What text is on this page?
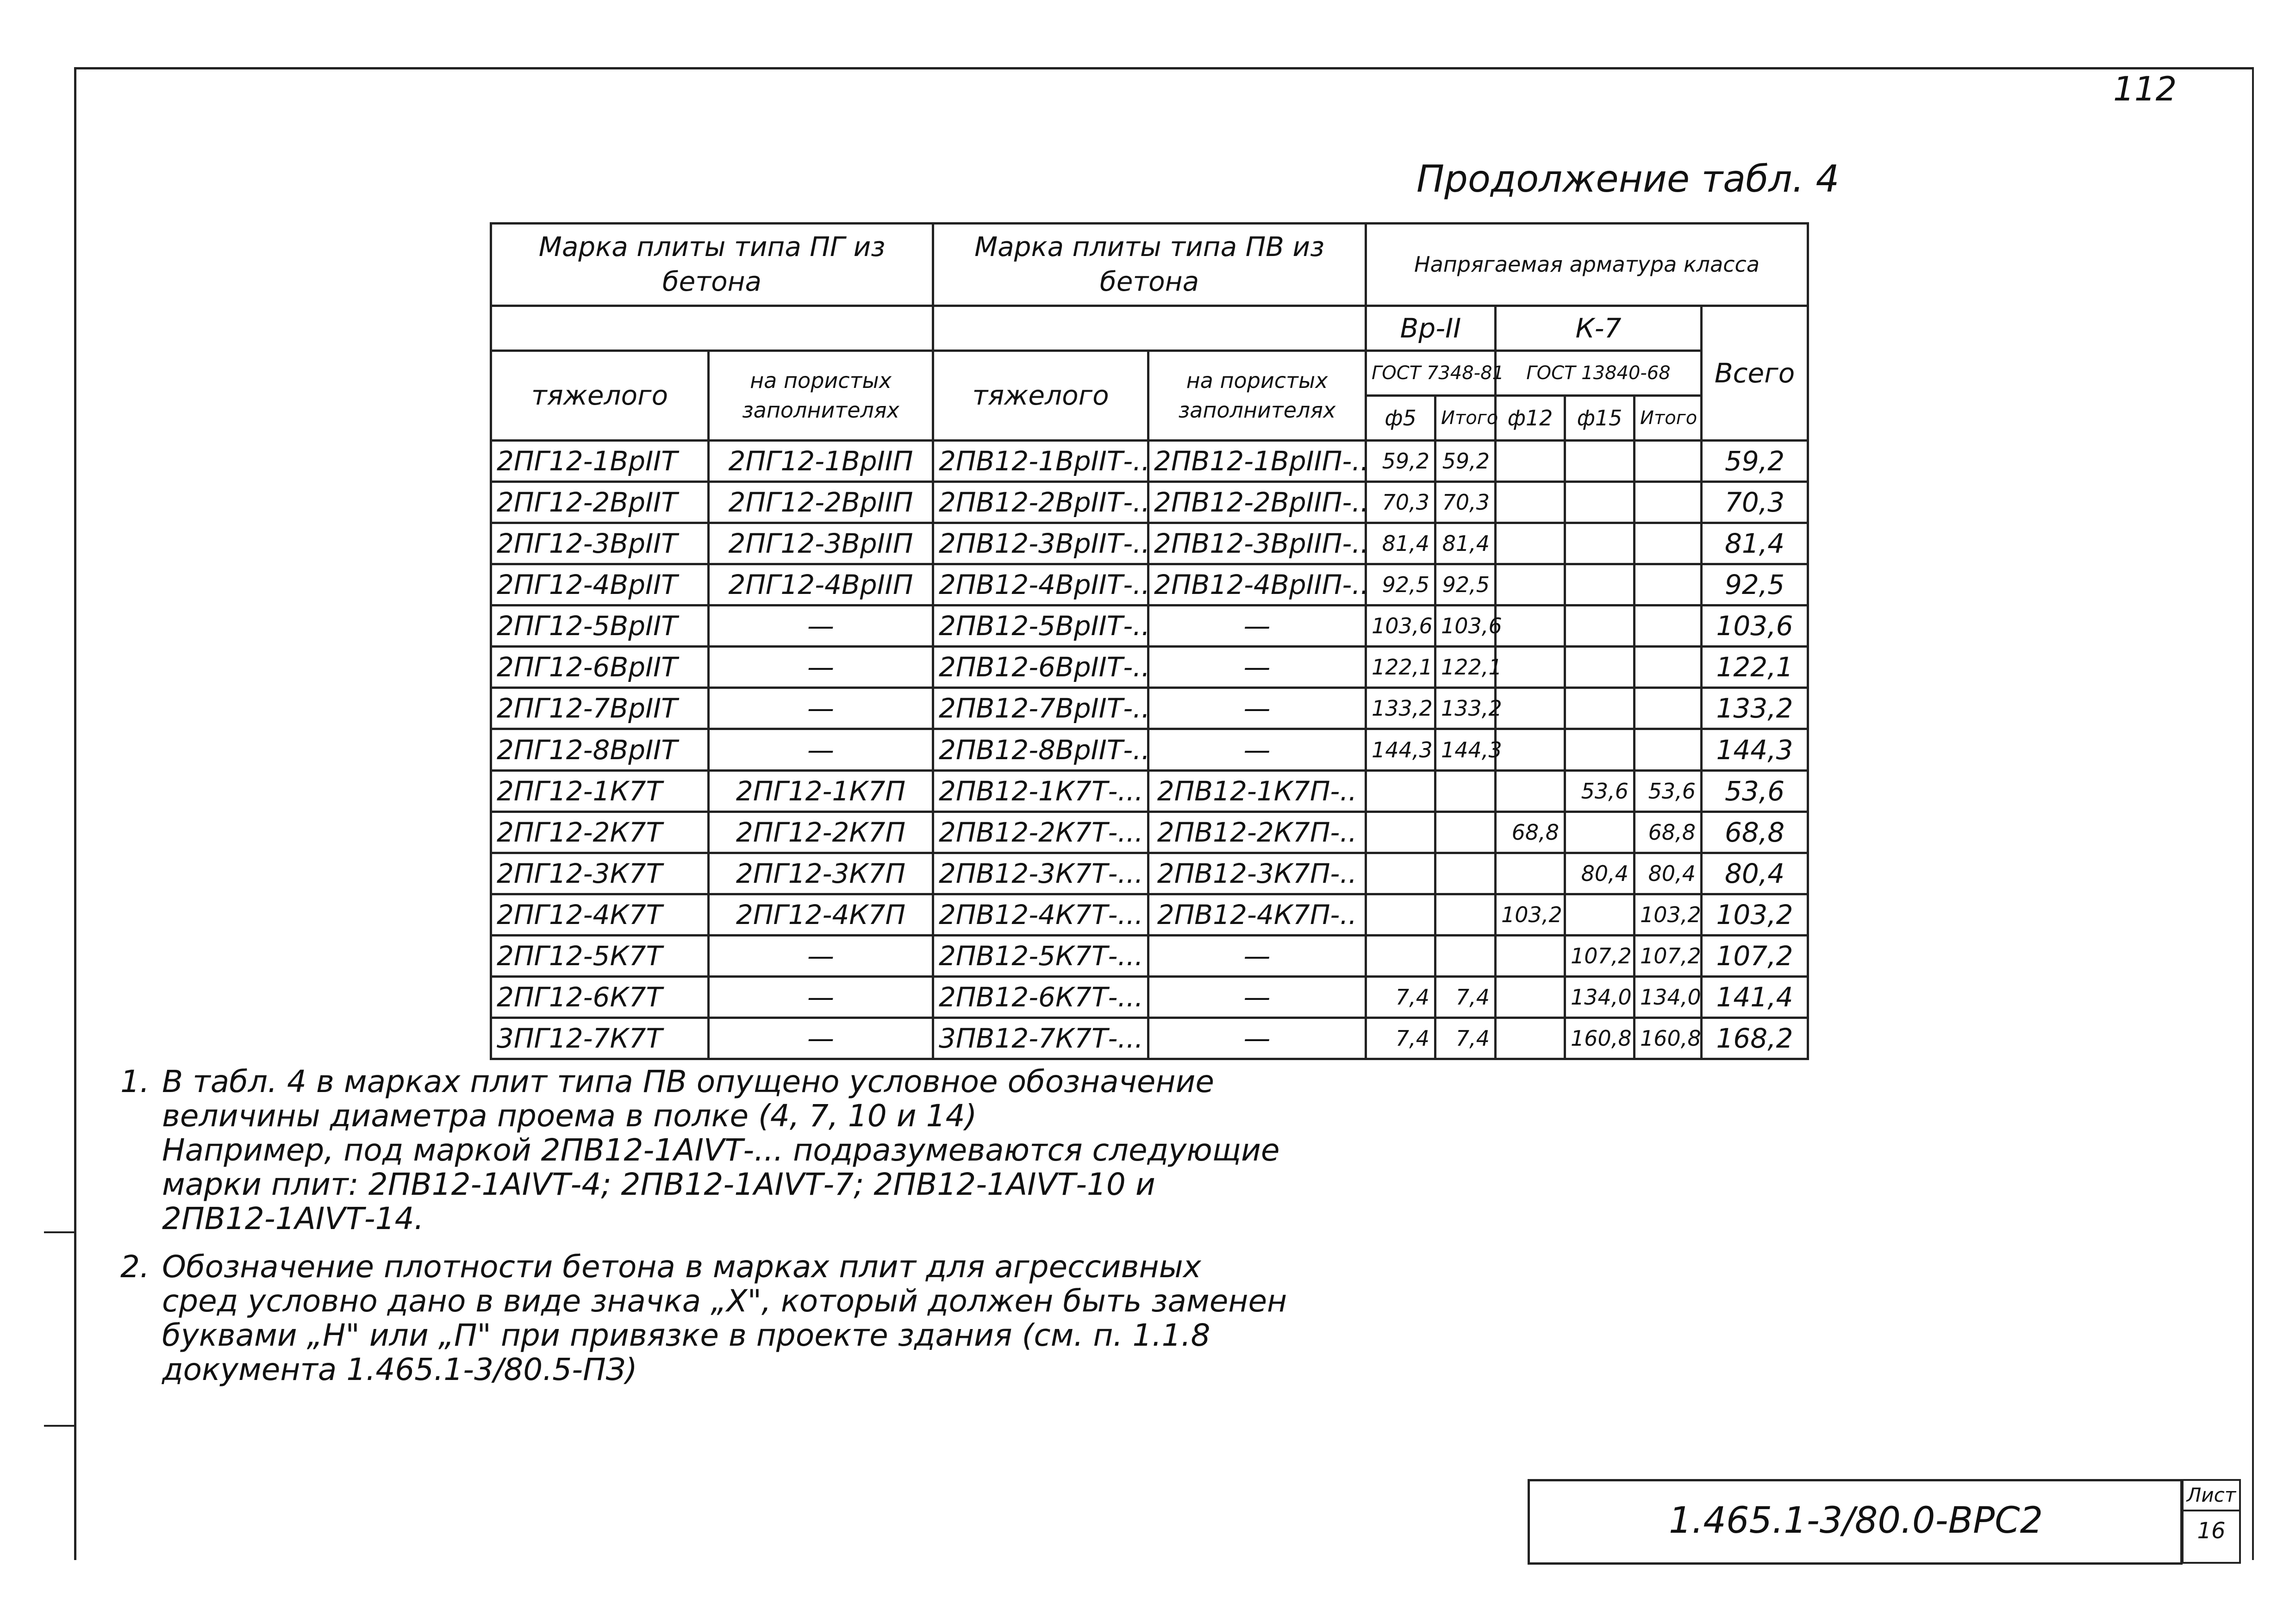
112
Продолжение табл. 4
Марка плиты типа ПГ из бетона		Марка плиты типа ПВ из бетона		Напрягаемая арматура класса					
				Вр-II		К-7			Всего
тяжелого	на пористых заполнителях	тяжелого	на пористых заполнителях	ГОСТ 7348-81		ГОСТ 13840-68			
				ф5	Итого	ф12	ф15	Итого	
2ПГ12-1ВрIIТ	2ПГ12-1ВрIIП	2ПВ12-1ВрIIТ-..	2ПВ12-1ВрIIП-..	59,2	59,2				59,2
2ПГ12-2ВрIIТ	2ПГ12-2ВрIIП	2ПВ12-2ВрIIТ-..	2ПВ12-2ВрIIП-..	70,3	70,3				70,3
2ПГ12-3ВрIIТ	2ПГ12-3ВрIIП	2ПВ12-3ВрIIТ-..	2ПВ12-3ВрIIП-..	81,4	81,4				81,4
2ПГ12-4ВрIIТ	2ПГ12-4ВрIIП	2ПВ12-4ВрIIТ-..	2ПВ12-4ВрIIП-..	92,5	92,5				92,5
2ПГ12-5ВрIIТ	—	2ПВ12-5ВрIIТ-..	—	103,6	103,6				103,6
2ПГ12-6ВрIIТ	—	2ПВ12-6ВрIIТ-..	—	122,1	122,1				122,1
2ПГ12-7ВрIIТ	—	2ПВ12-7ВрIIТ-..	—	133,2	133,2				133,2
2ПГ12-8ВрIIТ	—	2ПВ12-8ВрIIТ-..	—	144,3	144,3				144,3
2ПГ12-1К7Т	2ПГ12-1К7П	2ПВ12-1К7Т-...	2ПВ12-1К7П-..				53,6	53,6	53,6
2ПГ12-2К7Т	2ПГ12-2К7П	2ПВ12-2К7Т-...	2ПВ12-2К7П-..			68,8		68,8	68,8
2ПГ12-3К7Т	2ПГ12-3К7П	2ПВ12-3К7Т-...	2ПВ12-3К7П-..				80,4	80,4	80,4
2ПГ12-4К7Т	2ПГ12-4К7П	2ПВ12-4К7Т-...	2ПВ12-4К7П-..			103,2		103,2	103,2
2ПГ12-5К7Т	—	2ПВ12-5К7Т-...	—				107,2	107,2	107,2
2ПГ12-6К7Т	—	2ПВ12-6К7Т-...	—	7,4	7,4		134,0	134,0	141,4
3ПГ12-7К7Т	—	3ПВ12-7К7Т-...	—	7,4	7,4		160,8	160,8	168,2
1. В табл. 4 в марках плит типа ПВ опущено условное обозначение
величины диаметра проема в полке (4, 7, 10 и 14)
Например, под маркой 2ПВ12-1АIVТ-... подразумеваются следующие
марки плит: 2ПВ12-1АIVТ-4; 2ПВ12-1АIVТ-7; 2ПВ12-1АIVТ-10 и
2ПВ12-1АIVТ-14.
2. Обозначение плотности бетона в марках плит для агрессивных
сред условно дано в виде значка „Х", который должен быть заменен
буквами „Н" или „П" при привязке в проекте здания (см. п. 1.1.8
документа 1.465.1-3/80.5-ПЗ)
1.465.1-3/80.0-ВРС2
Лист
16
